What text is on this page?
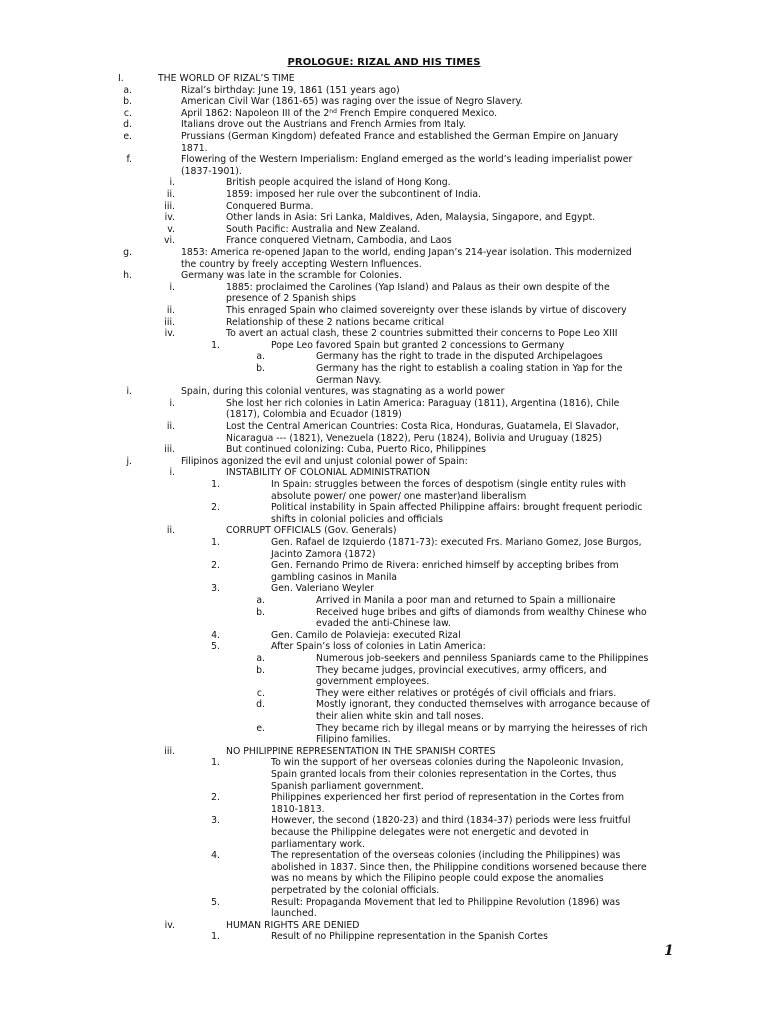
PROLOGUE: RIZAL AND HIS TIMES
I.	THE WORLD OF RIZAL’S TIME
a.	Rizal’s birthday: June 19, 1861 (151 years ago)
b.	American Civil War (1861-65) was raging over the issue of Negro Slavery.
c.	April 1862: Napoleon III of the 2nd French Empire conquered Mexico.
d.	Italians drove out the Austrians and French Armies from Italy.
e.	Prussians (German Kingdom) defeated France and established the German Empire on January
1871.
f.	Flowering of the Western Imperialism: England emerged as the world’s leading imperialist power
(1837-1901).
i.	British people acquired the island of Hong Kong.
ii.	1859: imposed her rule over the subcontinent of India.
iii.	Conquered Burma.
iv.	Other lands in Asia: Sri Lanka, Maldives, Aden, Malaysia, Singapore, and Egypt.
v.	South Pacific: Australia and New Zealand.
vi.	France conquered Vietnam, Cambodia, and Laos
g.	1853: America re-opened Japan to the world, ending Japan’s 214-year isolation. This modernized
the country by freely accepting Western Influences.
h.	Germany was late in the scramble for Colonies.
i.	1885: proclaimed the Carolines (Yap Island) and Palaus as their own despite of the
presence of 2 Spanish ships
ii.	This enraged Spain who claimed sovereignty over these islands by virtue of discovery
iii.	Relationship of these 2 nations became critical
iv.	To avert an actual clash, these 2 countries submitted their concerns to Pope Leo XIII
1.	Pope Leo favored Spain but granted 2 concessions to Germany
a.	Germany has the right to trade in the disputed Archipelagoes
b.	Germany has the right to establish a coaling station in Yap for the
German Navy.
i.	Spain, during this colonial ventures, was stagnating as a world power
i.	She lost her rich colonies in Latin America: Paraguay (1811), Argentina (1816), Chile
(1817), Colombia and Ecuador (1819)
ii.	Lost the Central American Countries: Costa Rica, Honduras, Guatamela, El Slavador,
Nicaragua --- (1821), Venezuela (1822), Peru (1824), Bolivia and Uruguay (1825)
iii.	But continued colonizing: Cuba, Puerto Rico, Philippines
j.	Filipinos agonized the evil and unjust colonial power of Spain:
i.	INSTABILITY OF COLONIAL ADMINISTRATION
1.	In Spain: struggles between the forces of despotism (single entity rules with
absolute power/ one power/ one master)and liberalism
2.	Political instability in Spain affected Philippine affairs: brought frequent periodic
shifts in colonial policies and officials
ii.	CORRUPT OFFICIALS (Gov. Generals)
1.	Gen. Rafael de Izquierdo (1871-73): executed Frs. Mariano Gomez, Jose Burgos,
Jacinto Zamora (1872)
2.	Gen. Fernando Primo de Rivera: enriched himself by accepting bribes from
gambling casinos in Manila
3.	Gen. Valeriano Weyler
a.	Arrived in Manila a poor man and returned to Spain a millionaire
b.	Received huge bribes and gifts of diamonds from wealthy Chinese who
evaded the anti-Chinese law.
4.	Gen. Camilo de Polavieja: executed Rizal
5.	After Spain’s loss of colonies in Latin America:
a.	Numerous job-seekers and penniless Spaniards came to the Philippines
b.	They became judges, provincial executives, army officers, and
government employees.
c.	They were either relatives or protégés of civil officials and friars.
d.	Mostly ignorant, they conducted themselves with arrogance because of
their alien white skin and tall noses.
e.	They became rich by illegal means or by marrying the heiresses of rich
Filipino families.
iii.	NO PHILIPPINE REPRESENTATION IN THE SPANISH CORTES
1.	To win the support of her overseas colonies during the Napoleonic Invasion,
Spain granted locals from their colonies representation in the Cortes, thus
Spanish parliament government.
2.	Philippines experienced her first period of representation in the Cortes from
1810-1813.
3.	However, the second (1820-23) and third (1834-37) periods were less fruitful
because the Philippine delegates were not energetic and devoted in
parliamentary work.
4.	The representation of the overseas colonies (including the Philippines) was
abolished in 1837. Since then, the Philippine conditions worsened because there
was no means by which the Filipino people could expose the anomalies
perpetrated by the colonial officials.
5.	Result: Propaganda Movement that led to Philippine Revolution (1896) was
launched.
iv.	HUMAN RIGHTS ARE DENIED
1.	Result of no Philippine representation in the Spanish Cortes
1
